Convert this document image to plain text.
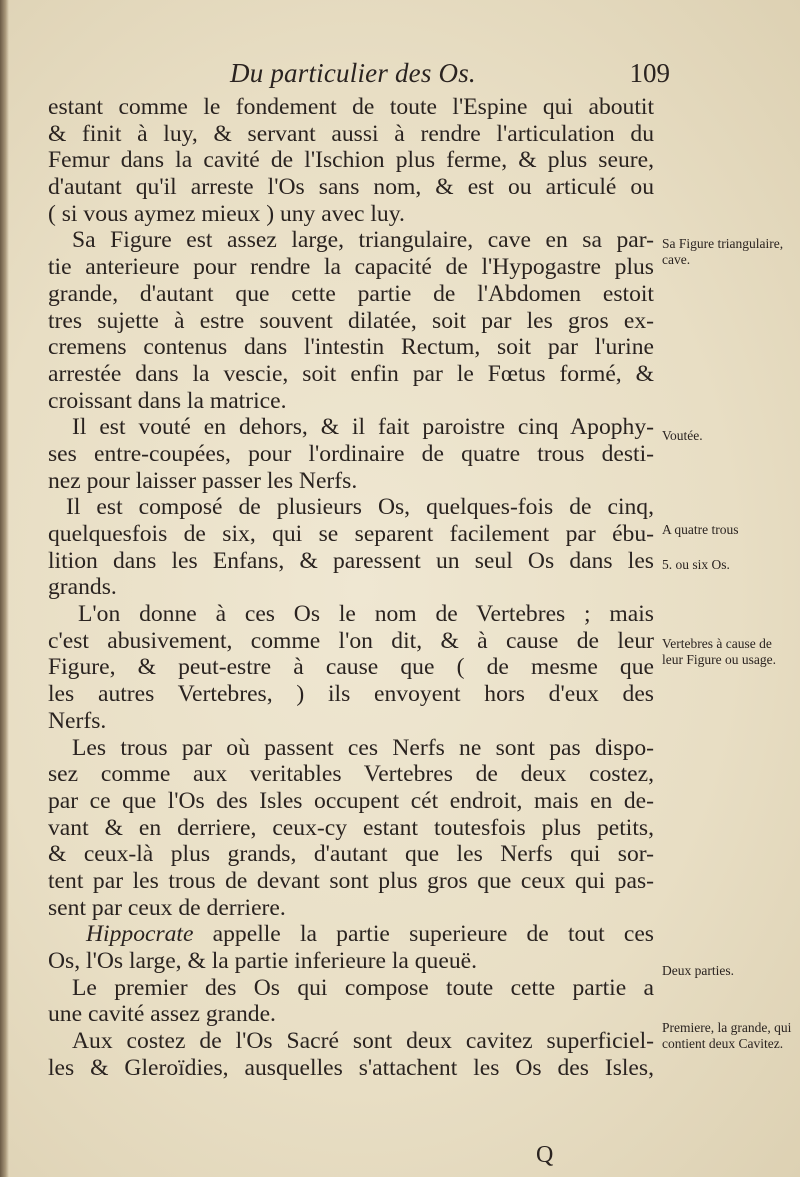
Du particulier des Os.	109
estant comme le fondement de toute l'Espine qui aboutit
& finit à luy, & servant aussi à rendre l'articulation du
Femur dans la cavité de l'Ischion plus ferme, & plus seure,
d'autant qu'il arreste l'Os sans nom, & est ou articulé ou
( si vous aymez mieux ) uny avec luy.
Sa Figure est assez large, triangulaire, cave en sa par-
tie anterieure pour rendre la capacité de l'Hypogastre plus
grande, d'autant que cette partie de l'Abdomen estoit
tres sujette à estre souvent dilatée, soit par les gros ex-
cremens contenus dans l'intestin Rectum, soit par l'urine
arrestée dans la vescie, soit enfin par le Fœtus formé, &
croissant dans la matrice.
Il est vouté en dehors, & il fait paroistre cinq Apophy-
ses entre-coupées, pour l'ordinaire de quatre trous desti-
nez pour laisser passer les Nerfs.
Il est composé de plusieurs Os, quelques-fois de cinq,
quelquesfois de six, qui se separent facilement par ébu-
lition dans les Enfans, & paressent un seul Os dans les
grands.
L'on donne à ces Os le nom de Vertebres ; mais
c'est abusivement, comme l'on dit, & à cause de leur
Figure, & peut-estre à cause que ( de mesme que
les autres Vertebres, ) ils envoyent hors d'eux des
Nerfs.
Les trous par où passent ces Nerfs ne sont pas dispo-
sez comme aux veritables Vertebres de deux costez,
par ce que l'Os des Isles occupent cét endroit, mais en de-
vant & en derriere, ceux-cy estant toutesfois plus petits,
& ceux-là plus grands, d'autant que les Nerfs qui sor-
tent par les trous de devant sont plus gros que ceux qui pas-
sent par ceux de derriere.
Hippocrate appelle la partie superieure de tout ces
Os, l'Os large, & la partie inferieure la queuë.
Le premier des Os qui compose toute cette partie a
une cavité assez grande.
Aux costez de l'Os Sacré sont deux cavitez superficiel-
les & Gleroïdies, ausquelles s'attachent les Os des Isles,
Sa Figure triangulaire, cave.
Voutée.
A quatre trous
5. ou six Os.
Vertebres à cause de leur Figure ou usage.
Deux parties.
Premiere, la grande, qui contient deux Cavitez.
Q
